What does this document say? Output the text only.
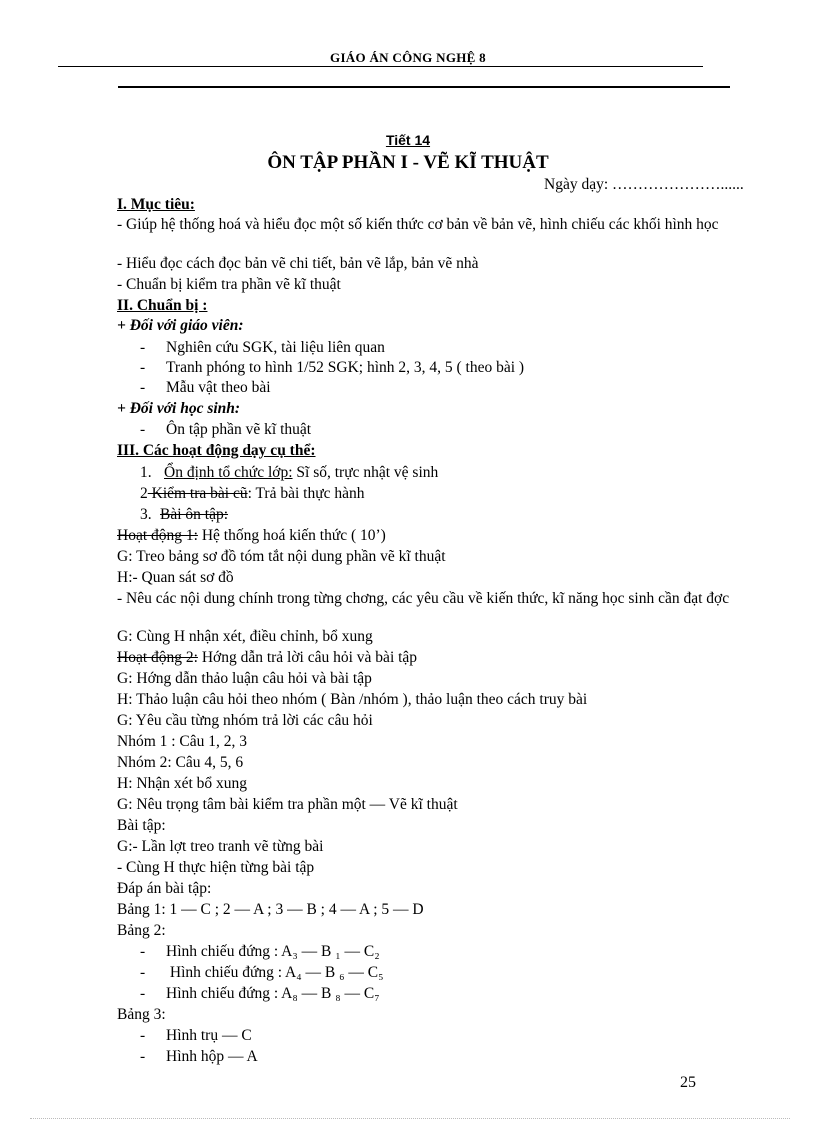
GIÁO ÁN CÔNG NGHỆ 8
Tiết 14
ÔN TẬP PHẦN I - VẼ KĨ THUẬT
Ngày dạy: …………………......
I. Mục tiêu:
- Giúp hệ thống hoá và hiểu đọc một số kiến thức cơ bản về bản vẽ, hình chiếu các khối hình học
- Hiểu đọc cách đọc bản vẽ chi tiết, bản vẽ lắp, bản vẽ nhà
- Chuẩn bị kiểm tra phần vẽ kĩ thuật
II. Chuẩn bị :
+ Đối với giáo viên:
- Nghiên cứu SGK, tài liệu liên quan
- Tranh phóng to hình 1/52 SGK; hình 2, 3, 4, 5 ( theo bài )
- Mẫu vật theo bài
+ Đối với học sinh:
- Ôn tập phần vẽ kĩ thuật
III. Các hoạt động dạy cụ thể:
1. Ổn định tổ chức lớp: Sĩ số, trực nhật vệ sinh
2 Kiểm tra bài cũ: Trả bài thực hành
3. Bài ôn tập:
Hoạt động 1: Hệ thống hoá kiến thức ( 10’)
G: Treo bảng sơ đồ tóm tắt nội dung phần vẽ kĩ thuật
H:- Quan sát sơ đồ
- Nêu các nội dung chính trong từng chơng, các yêu cầu về kiến thức, kĩ năng học sinh cần đạt đợc
G: Cùng H nhận xét, điều chỉnh, bổ xung
Hoạt động 2: Hớng dẫn trả lời câu hỏi và bài tập
G: Hớng dẫn thảo luận câu hỏi và bài tập
H: Thảo luận câu hỏi theo nhóm ( Bàn /nhóm ), thảo luận theo cách truy bài
G: Yêu cầu từng nhóm trả lời các câu hỏi
Nhóm 1 : Câu 1, 2, 3
Nhóm 2: Câu 4, 5, 6
H: Nhận xét bổ xung
G: Nêu trọng tâm bài kiểm tra phần một — Vẽ kĩ thuật
Bài tập:
G:- Lần lợt treo tranh vẽ từng bài
- Cùng H thực hiện từng bài tập
Đáp án bài tập:
Bảng 1: 1 — C ; 2 — A ; 3 — B ; 4 — A ; 5 — D
Bảng 2:
- Hình chiếu đứng : A₃ — B ₁ — C₂
- Hình chiếu đứng : A₄ — B ₆ — C₅
- Hình chiếu đứng : A₈ — B ₈ — C₇
Bảng 3:
- Hình trụ — C
- Hình hộp — A
25
